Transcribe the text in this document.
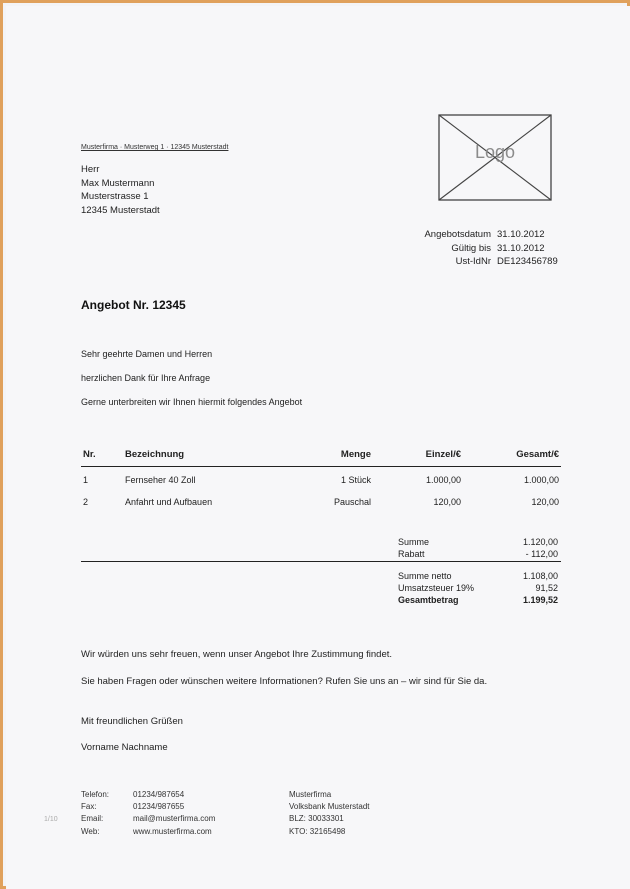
Musterfirma · Musterweg 1 · 12345 Musterstadt
Herr
Max Mustermann
Musterstrasse 1
12345 Musterstadt
Logo
Angebotsdatum 31.10.2012
Gültig bis 31.10.2012
Ust-IdNr DE123456789
Angebot Nr. 12345
Sehr geehrte Damen und Herren
herzlichen Dank für Ihre Anfrage
Gerne unterbreiten wir Ihnen hiermit folgendes Angebot
Nr.	Bezeichnung	Menge	Einzel/€	Gesamt/€
1	Fernseher 40 Zoll	1 Stück	1.000,00	1.000,00
2	Anfahrt und Aufbauen	Pauschal	120,00	120,00
Summe	1.120,00
Rabatt	- 112,00
Summe netto	1.108,00
Umsatzsteuer 19%	91,52
Gesamtbetrag	1.199,52
Wir würden uns sehr freuen, wenn unser Angebot Ihre Zustimmung findet.
Sie haben Fragen oder wünschen weitere Informationen? Rufen Sie uns an – wir sind für Sie da.
Mit freundlichen Grüßen
Vorname Nachname
Telefon:	01234/987654	Musterfirma
Fax:	01234/987655	Volksbank Musterstadt
Email:	mail@musterfirma.com	BLZ: 30033301
Web:	www.musterfirma.com	KTO: 32165498
1/10
